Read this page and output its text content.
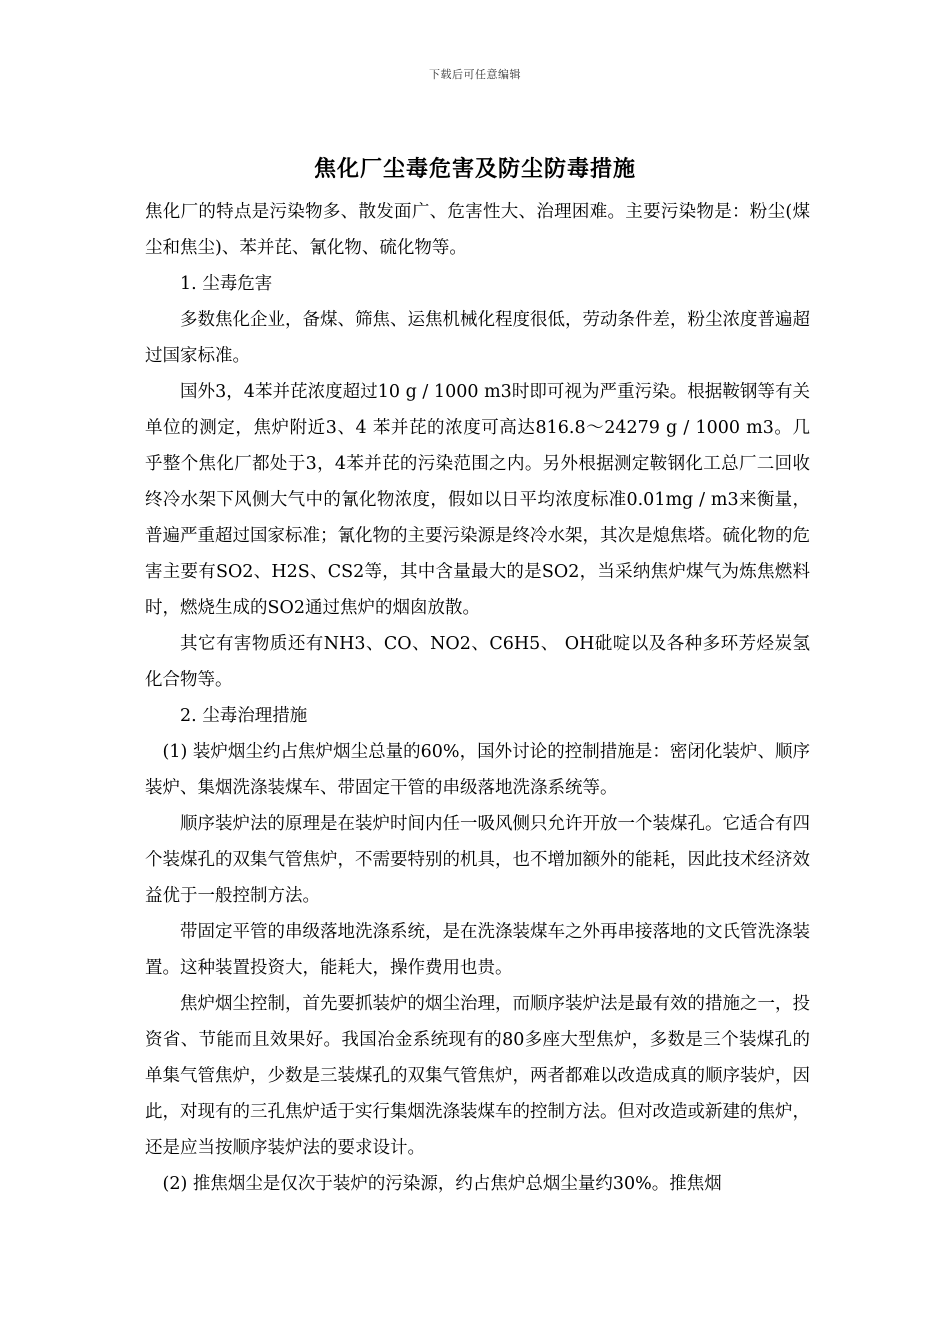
下载后可任意编辑
焦化厂尘毒危害及防尘防毒措施

焦化厂的特点是污染物多、散发面广、危害性大、治理困难。主要污染物是：粉尘(煤尘和焦尘)、苯并芘、氰化物、硫化物等。

1. 尘毒危害

多数焦化企业，备煤、筛焦、运焦机械化程度很低，劳动条件差，粉尘浓度普遍超过国家标准。

国外3，4苯并芘浓度超过10 g / 1000 m3时即可视为严重污染。根据鞍钢等有关单位的测定，焦炉附近3、4 苯并芘的浓度可高达816.8～24279 g / 1000 m3。几乎整个焦化厂都处于3，4苯并芘的污染范围之内。另外根据测定鞍钢化工总厂二回收终冷水架下风侧大气中的氰化物浓度，假如以日平均浓度标准0.01mg / m3来衡量，普遍严重超过国家标准；氰化物的主要污染源是终冷水架，其次是熄焦塔。硫化物的危害主要有SO2、H2S、CS2等，其中含量最大的是SO2，当采纳焦炉煤气为炼焦燃料时，燃烧生成的SO2通过焦炉的烟囱放散。

其它有害物质还有NH3、CO、NO2、C6H5、 OH砒啶以及各种多环芳烃炭氢化合物等。

2. 尘毒治理措施

(1) 装炉烟尘约占焦炉烟尘总量的60%，国外讨论的控制措施是：密闭化装炉、顺序装炉、集烟洗涤装煤车、带固定干管的串级落地洗涤系统等。

顺序装炉法的原理是在装炉时间内任一吸风侧只允许开放一个装煤孔。它适合有四个装煤孔的双集气管焦炉，不需要特别的机具，也不增加额外的能耗，因此技术经济效益优于一般控制方法。

带固定平管的串级落地洗涤系统，是在洗涤装煤车之外再串接落地的文氏管洗涤装置。这种装置投资大，能耗大，操作费用也贵。

焦炉烟尘控制，首先要抓装炉的烟尘治理，而顺序装炉法是最有效的措施之一，投资省、节能而且效果好。我国冶金系统现有的80多座大型焦炉，多数是三个装煤孔的单集气管焦炉，少数是三装煤孔的双集气管焦炉，两者都难以改造成真的顺序装炉，因此，对现有的三孔焦炉适于实行集烟洗涤装煤车的控制方法。但对改造或新建的焦炉，还是应当按顺序装炉法的要求设计。

(2) 推焦烟尘是仅次于装炉的污染源，约占焦炉总烟尘量约30%。推焦烟
